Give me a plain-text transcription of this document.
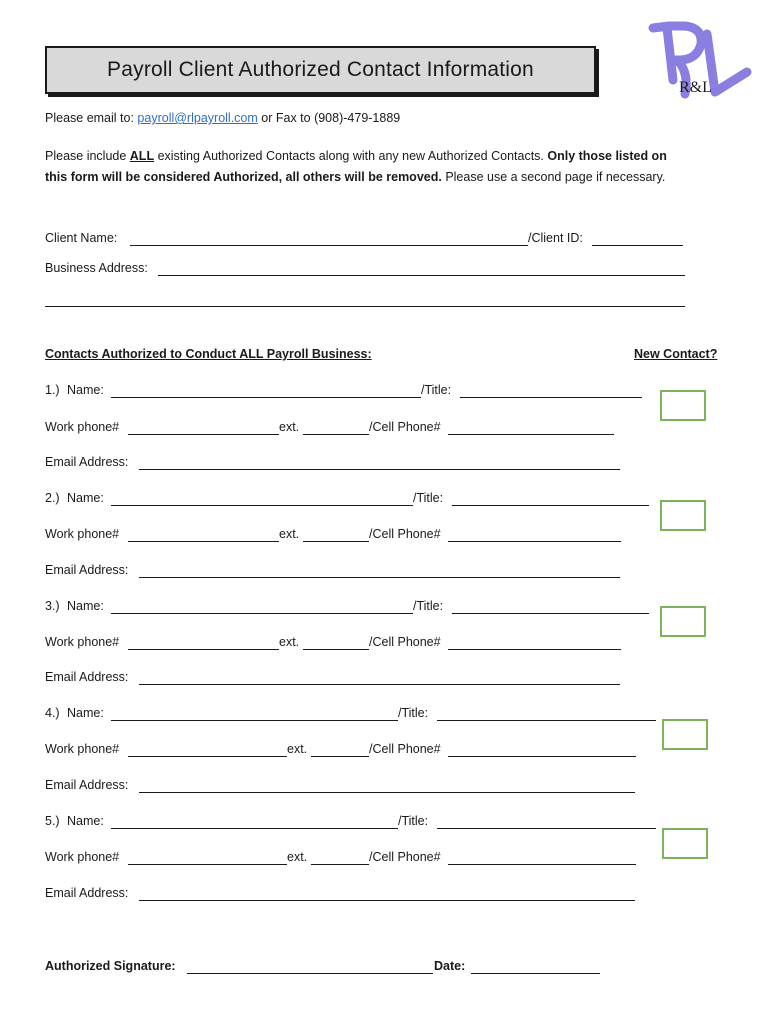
R&L
Payroll Client Authorized Contact Information
Please email to: payroll@rlpayroll.com or Fax to (908)-479-1889
Please include ALL existing Authorized Contacts along with any new Authorized Contacts. Only those listed on
this form will be considered Authorized, all others will be removed. Please use a second page if necessary.
Client Name:	/Client ID:
Business Address:
Contacts Authorized to Conduct ALL Payroll Business:	New Contact?
1.) Name:	/Title:
Work phone#	ext.	/Cell Phone#
Email Address:
2.) Name:	/Title:
Work phone#	ext.	/Cell Phone#
Email Address:
3.) Name:	/Title:
Work phone#	ext.	/Cell Phone#
Email Address:
4.) Name:	/Title:
Work phone#	ext.	/Cell Phone#
Email Address:
5.) Name:	/Title:
Work phone#	ext.	/Cell Phone#
Email Address:
Authorized Signature:	Date:
